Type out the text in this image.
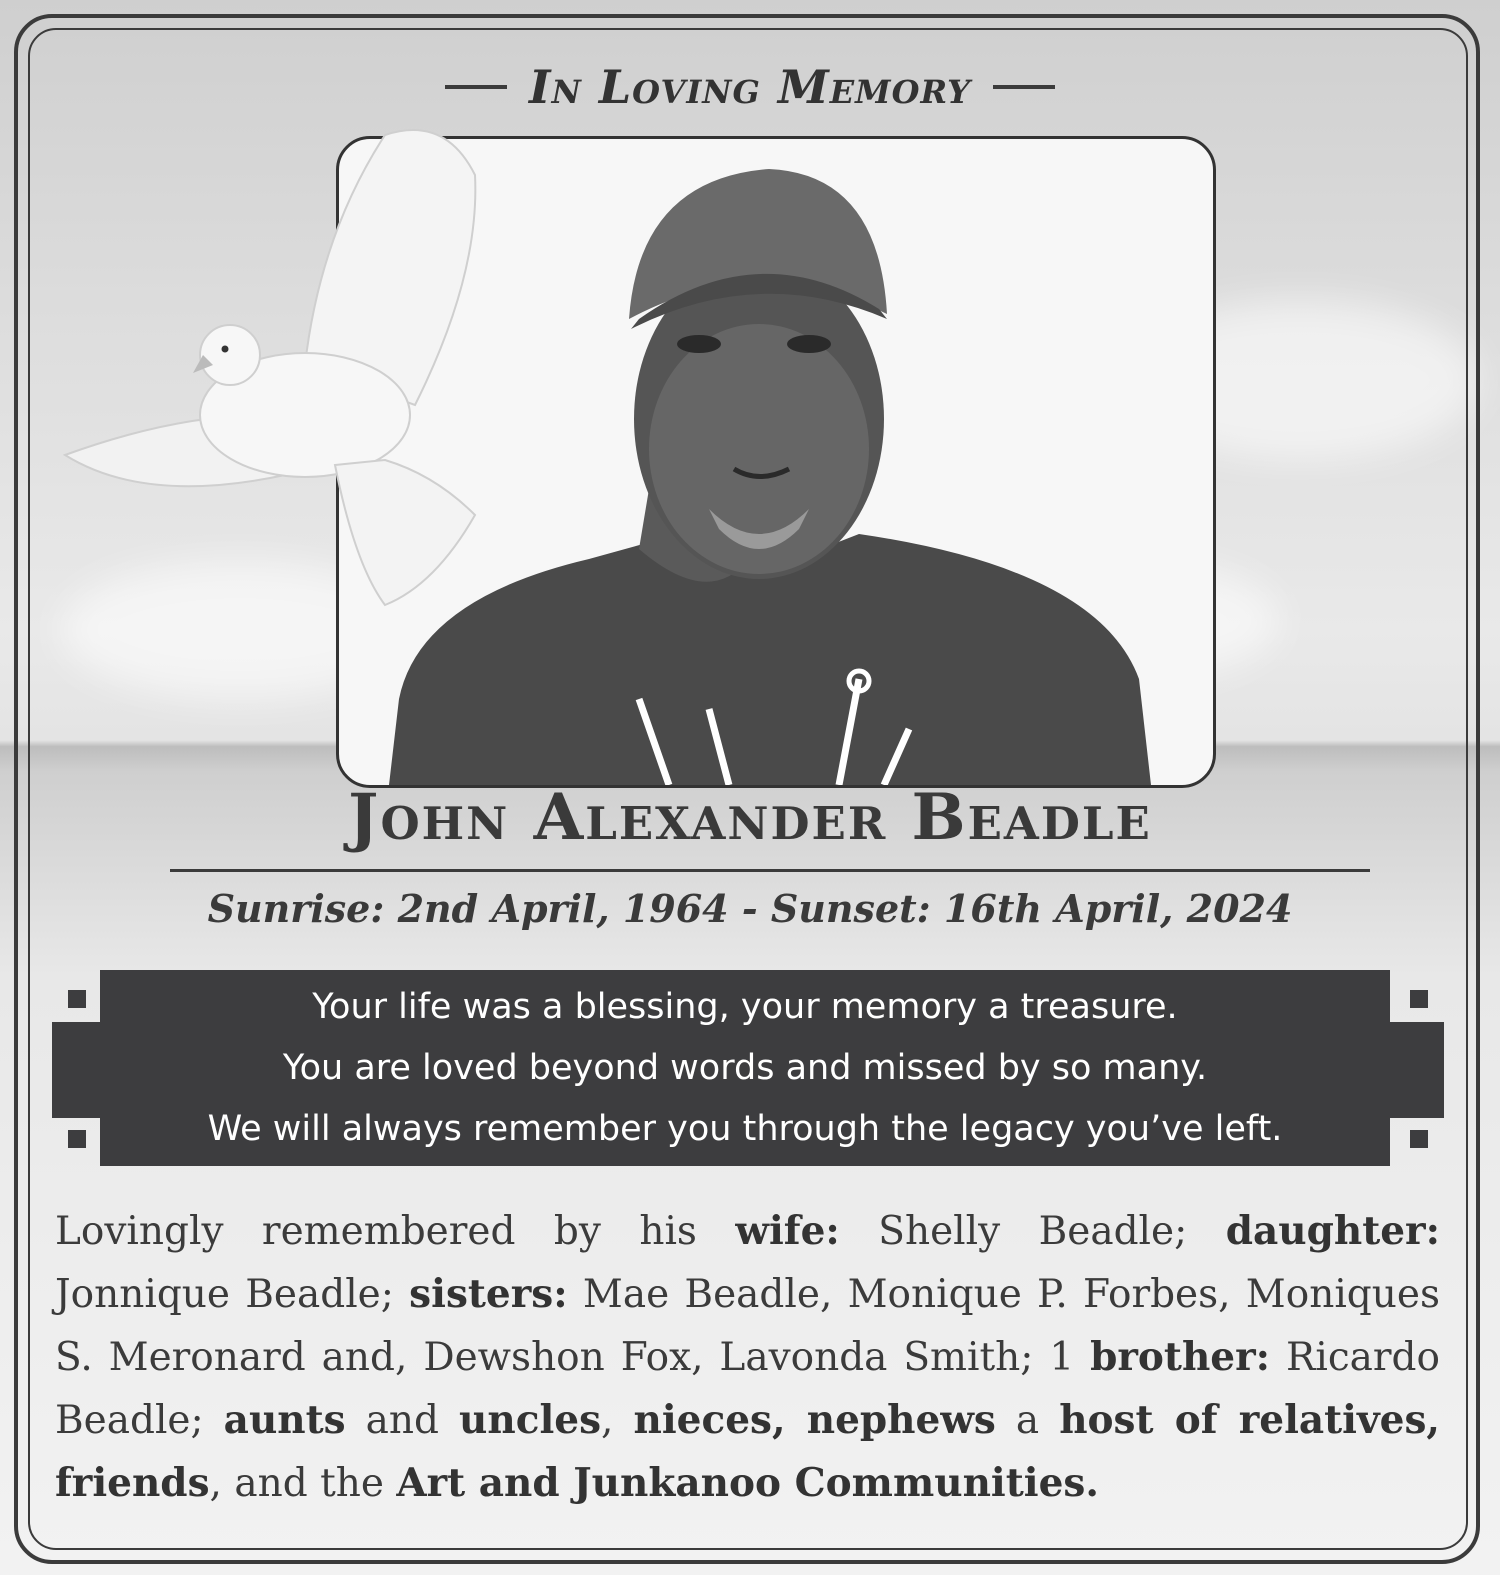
In Loving Memory
John Alexander Beadle
Sunrise: 2nd April, 1964 - Sunset: 16th April, 2024
Your life was a blessing, your memory a treasure.
You are loved beyond words and missed by so many.
We will always remember you through the legacy you’ve left.
Lovingly remembered by his wife: Shelly Beadle; daughter: Jonnique Beadle; sisters: Mae Beadle, Monique P. Forbes, Moniques S. Meronard and, Dewshon Fox, Lavonda Smith; 1 brother: Ricardo Beadle; aunts and uncles, nieces, nephews a host of relatives, friends, and the Art and Junkanoo Communities.
